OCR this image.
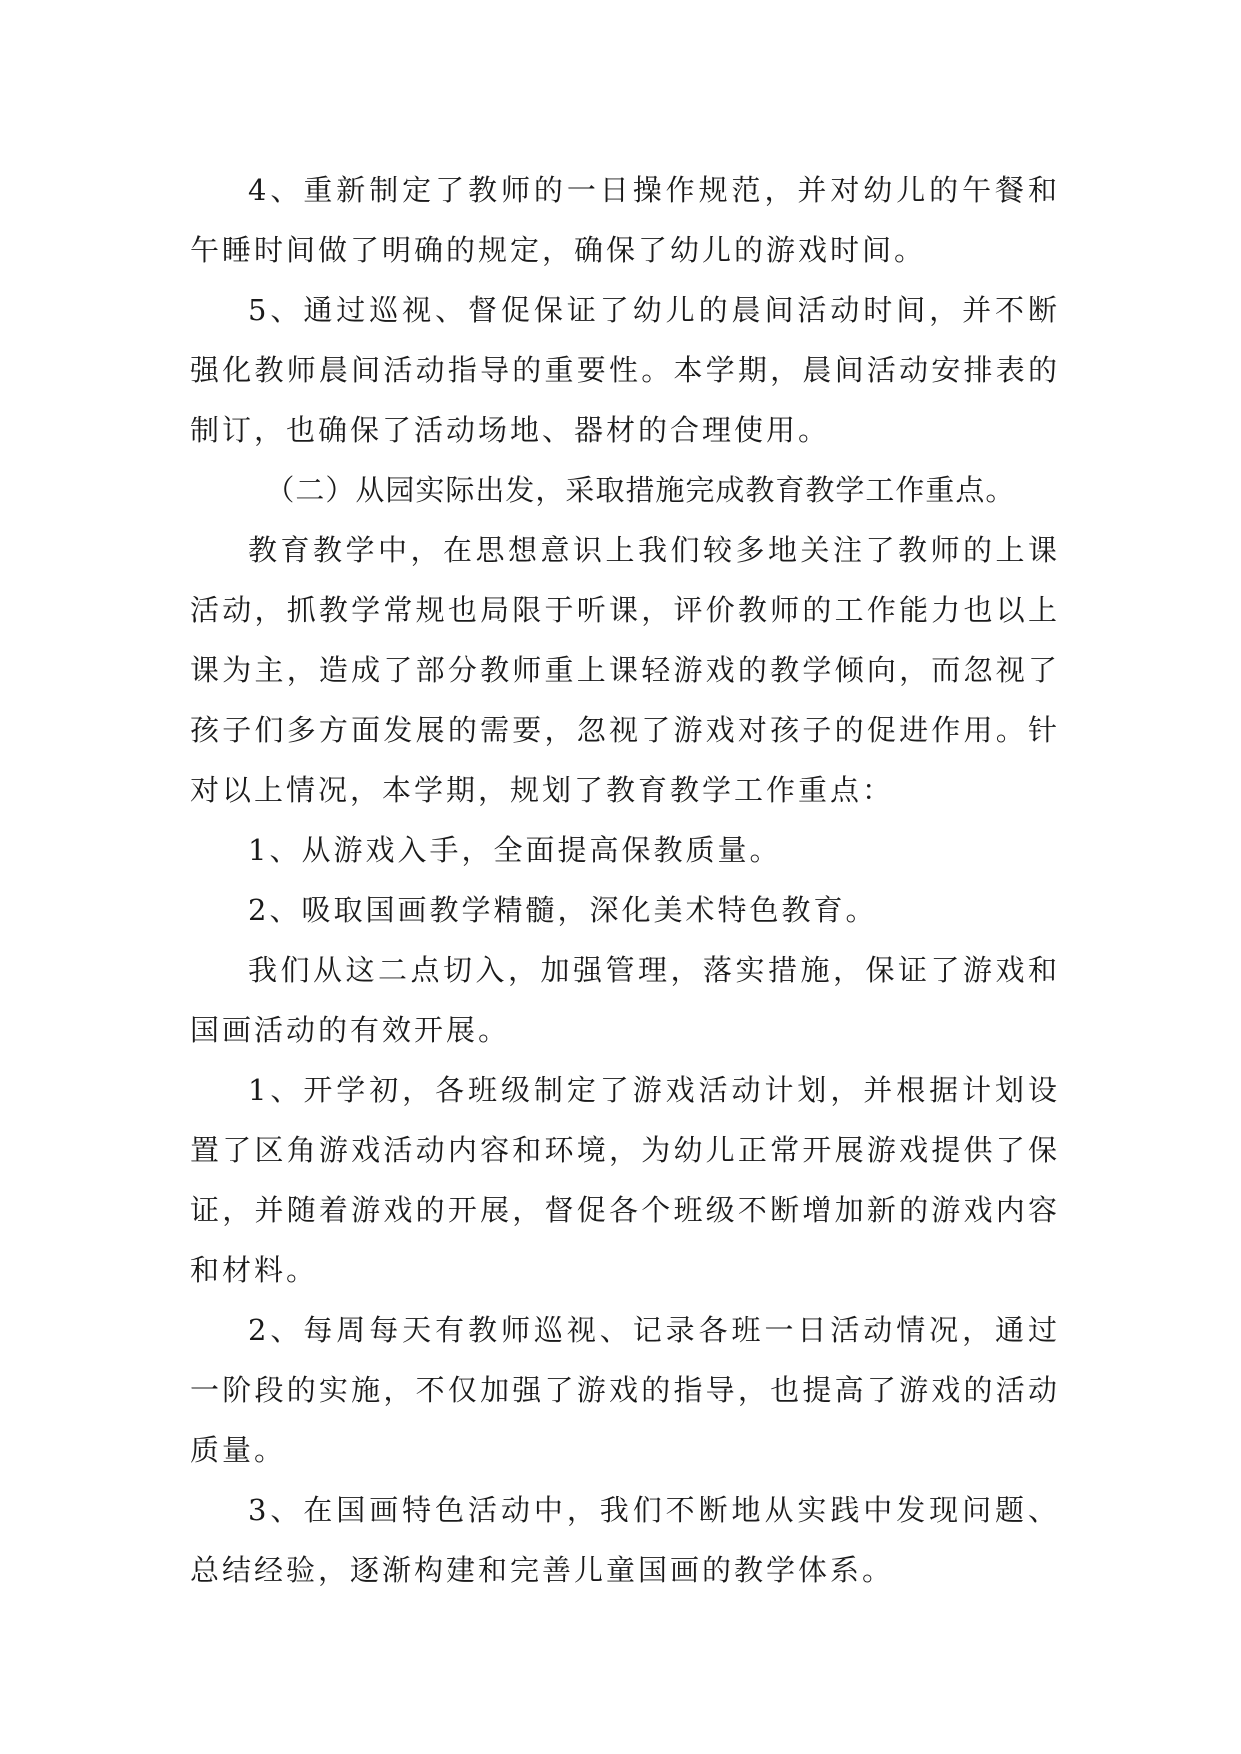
4、重新制定了教师的一日操作规范，并对幼儿的午餐和午睡时间做了明确的规定，确保了幼儿的游戏时间。

5、通过巡视、督促保证了幼儿的晨间活动时间，并不断强化教师晨间活动指导的重要性。本学期，晨间活动安排表的制订，也确保了活动场地、器材的合理使用。

（二）从园实际出发，采取措施完成教育教学工作重点。

教育教学中，在思想意识上我们较多地关注了教师的上课活动，抓教学常规也局限于听课，评价教师的工作能力也以上课为主，造成了部分教师重上课轻游戏的教学倾向，而忽视了孩子们多方面发展的需要，忽视了游戏对孩子的促进作用。针对以上情况，本学期，规划了教育教学工作重点：

1、从游戏入手，全面提高保教质量。

2、吸取国画教学精髓，深化美术特色教育。

我们从这二点切入，加强管理，落实措施，保证了游戏和国画活动的有效开展。

1、开学初，各班级制定了游戏活动计划，并根据计划设置了区角游戏活动内容和环境，为幼儿正常开展游戏提供了保证，并随着游戏的开展，督促各个班级不断增加新的游戏内容和材料。

2、每周每天有教师巡视、记录各班一日活动情况，通过一阶段的实施，不仅加强了游戏的指导，也提高了游戏的活动质量。

3、在国画特色活动中，我们不断地从实践中发现问题、总结经验，逐渐构建和完善儿童国画的教学体系。
